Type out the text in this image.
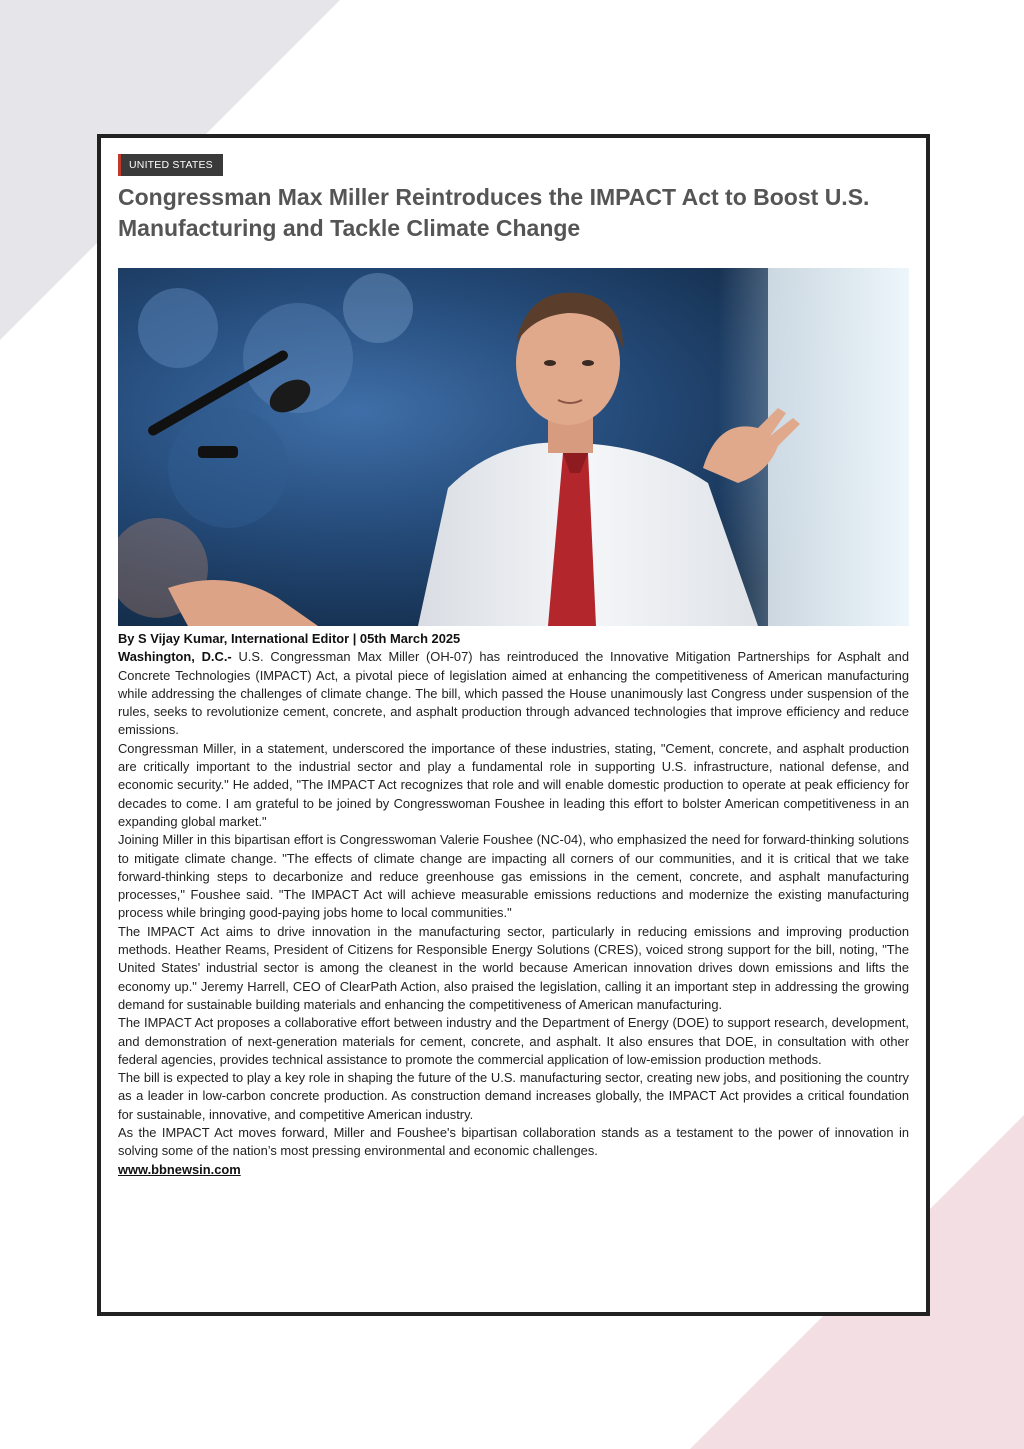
UNITED STATES
Congressman Max Miller Reintroduces the IMPACT Act to Boost U.S. Manufacturing and Tackle Climate Change
By S Vijay Kumar, International Editor | 05th March 2025

Washington, D.C.- U.S. Congressman Max Miller (OH-07) has reintroduced the Innovative Mitigation Partnerships for Asphalt and Concrete Technologies (IMPACT) Act, a pivotal piece of legislation aimed at enhancing the competitiveness of American manufacturing while addressing the challenges of climate change. The bill, which passed the House unanimously last Congress under suspension of the rules, seeks to revolutionize cement, concrete, and asphalt production through advanced technologies that improve efficiency and reduce emissions.

Congressman Miller, in a statement, underscored the importance of these industries, stating, "Cement, concrete, and asphalt production are critically important to the industrial sector and play a fundamental role in supporting U.S. infrastructure, national defense, and economic security." He added, "The IMPACT Act recognizes that role and will enable domestic production to operate at peak efficiency for decades to come. I am grateful to be joined by Congresswoman Foushee in leading this effort to bolster American competitiveness in an expanding global market."

Joining Miller in this bipartisan effort is Congresswoman Valerie Foushee (NC-04), who emphasized the need for forward-thinking solutions to mitigate climate change. "The effects of climate change are impacting all corners of our communities, and it is critical that we take forward-thinking steps to decarbonize and reduce greenhouse gas emissions in the cement, concrete, and asphalt manufacturing processes," Foushee said. "The IMPACT Act will achieve measurable emissions reductions and modernize the existing manufacturing process while bringing good-paying jobs home to local communities."

The IMPACT Act aims to drive innovation in the manufacturing sector, particularly in reducing emissions and improving production methods. Heather Reams, President of Citizens for Responsible Energy Solutions (CRES), voiced strong support for the bill, noting, "The United States' industrial sector is among the cleanest in the world because American innovation drives down emissions and lifts the economy up." Jeremy Harrell, CEO of ClearPath Action, also praised the legislation, calling it an important step in addressing the growing demand for sustainable building materials and enhancing the competitiveness of American manufacturing.

The IMPACT Act proposes a collaborative effort between industry and the Department of Energy (DOE) to support research, development, and demonstration of next-generation materials for cement, concrete, and asphalt. It also ensures that DOE, in consultation with other federal agencies, provides technical assistance to promote the commercial application of low-emission production methods.

The bill is expected to play a key role in shaping the future of the U.S. manufacturing sector, creating new jobs, and positioning the country as a leader in low-carbon concrete production. As construction demand increases globally, the IMPACT Act provides a critical foundation for sustainable, innovative, and competitive American industry.

As the IMPACT Act moves forward, Miller and Foushee's bipartisan collaboration stands as a testament to the power of innovation in solving some of the nation’s most pressing environmental and economic challenges.

www.bbnewsin.com
